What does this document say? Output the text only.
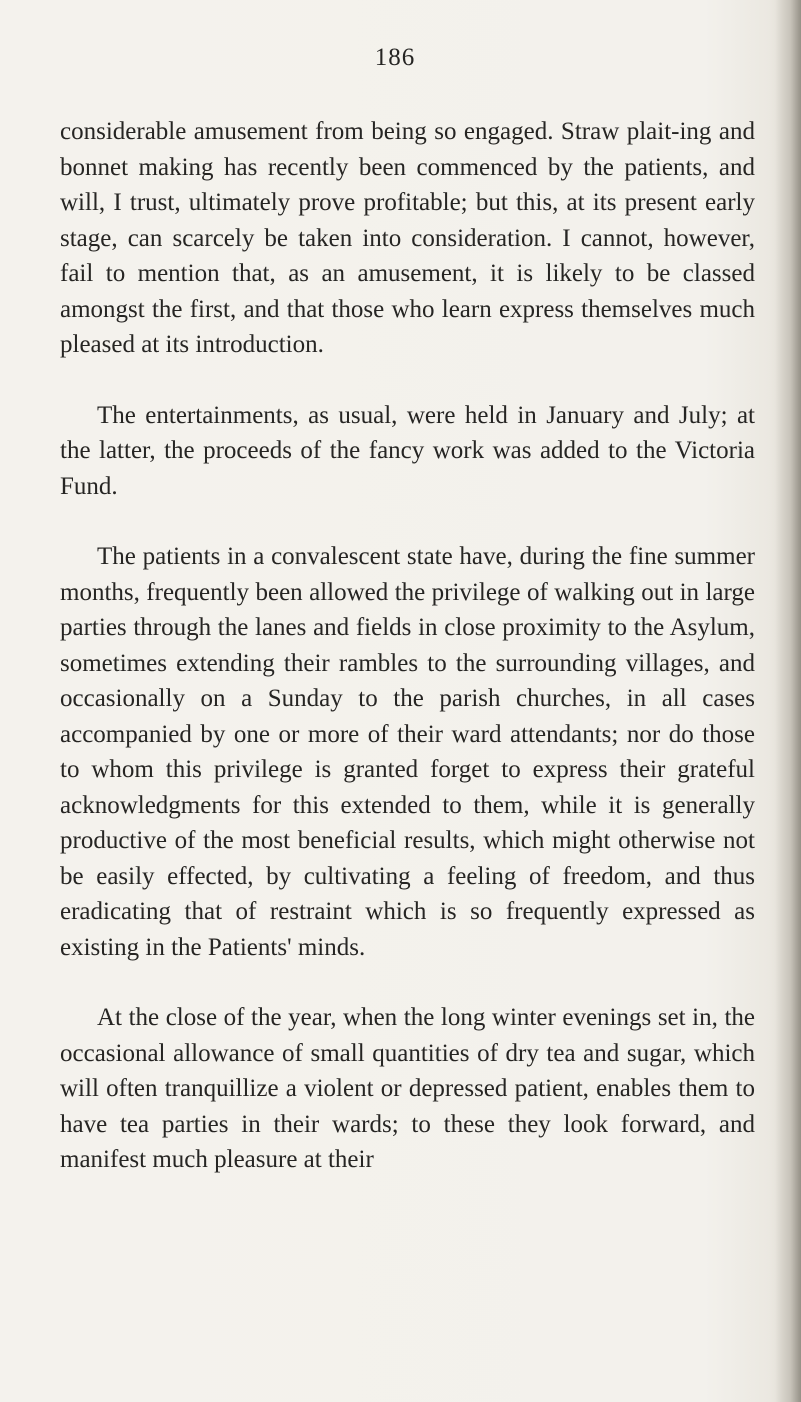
186

considerable amusement from being so engaged. Straw plait-ing and bonnet making has recently been commenced by the patients, and will, I trust, ultimately prove profitable; but this, at its present early stage, can scarcely be taken into consideration. I cannot, however, fail to mention that, as an amusement, it is likely to be classed amongst the first, and that those who learn express themselves much pleased at its introduction.

The entertainments, as usual, were held in January and July; at the latter, the proceeds of the fancy work was added to the Victoria Fund.

The patients in a convalescent state have, during the fine summer months, frequently been allowed the privilege of walking out in large parties through the lanes and fields in close proximity to the Asylum, sometimes extending their rambles to the surrounding villages, and occasionally on a Sunday to the parish churches, in all cases accompanied by one or more of their ward attendants; nor do those to whom this privilege is granted forget to express their grateful acknowledgments for this extended to them, while it is generally productive of the most beneficial results, which might otherwise not be easily effected, by cultivating a feeling of freedom, and thus eradicating that of restraint which is so frequently expressed as existing in the Patients' minds.

At the close of the year, when the long winter evenings set in, the occasional allowance of small quantities of dry tea and sugar, which will often tranquillize a violent or depressed patient, enables them to have tea parties in their wards; to these they look forward, and manifest much pleasure at their
